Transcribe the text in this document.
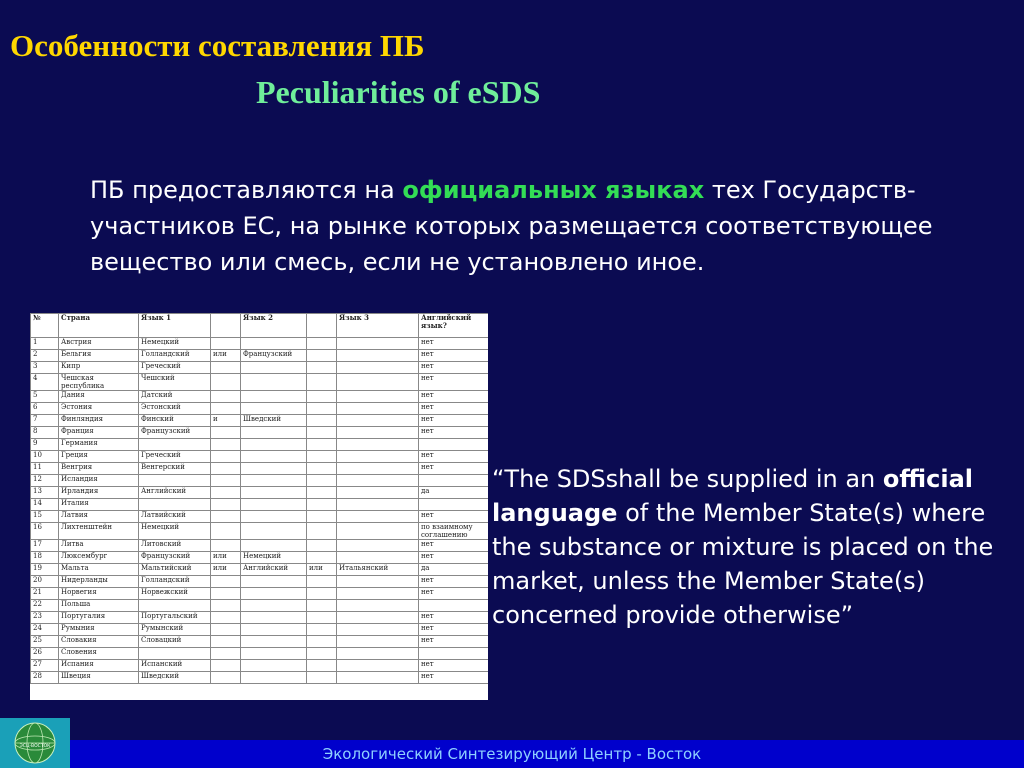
Особенности составления ПБ
Peculiarities of eSDS

ПБ предоставляются на официальных языках тех Государств-участников ЕС, на рынке которых размещается соответствующее вещество или смесь, если не установлено иное.

№	Страна	Язык 1		Язык 2		Язык 3	Английский язык?
1	Австрия	Немецкий					нет
2	Бельгия	Голландский	или	Французский			нет
3	Кипр	Греческий					нет
4	Чешская республика	Чешский					нет
5	Дания	Датский					нет
6	Эстония	Эстонский					нет
7	Финляндия	Финский	и	Шведский			нет
8	Франция	Французский					нет
9	Германия						
10	Греция	Греческий					нет
11	Венгрия	Венгерский					нет
12	Исландия						
13	Ирландия	Английский					да
14	Италия						
15	Латвия	Латвийский					нет
16	Лихтенштейн	Немецкий					по взаимному соглашению
17	Литва	Литовский					нет
18	Люксембург	Французский	или	Немецкий			нет
19	Мальта	Мальтийский	или	Английский	или	Итальянский	да
20	Нидерланды	Голландский					нет
21	Норвегия	Норвежский					нет
22	Польша						
23	Португалия	Португальский					нет
24	Румыния	Румынский					нет
25	Словакия	Словацкий					нет
26	Словения						
27	Испания	Испанский					нет
28	Швеция	Шведский					нет

“The SDSshall be supplied in an official language of the Member State(s) where the substance or mixture is placed on the market, unless the Member State(s) concerned provide otherwise”

Экологический Синтезирующий Центр - Восток
ЭСЦ-ВОСТОК
